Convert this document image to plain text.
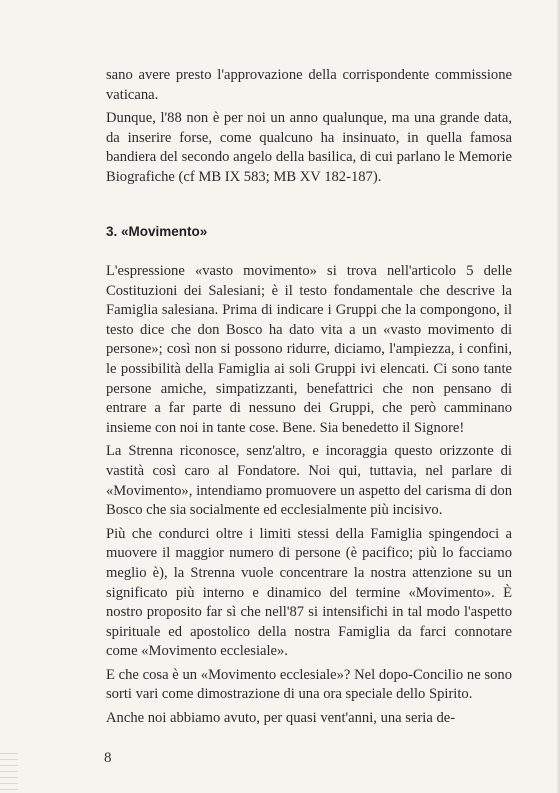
sano avere presto l'approvazione della corrispondente commissione vaticana.

Dunque, l'88 non è per noi un anno qualunque, ma una grande data, da inserire forse, come qualcuno ha insinuato, in quella famosa bandiera del secondo angelo della basilica, di cui parlano le Memorie Biografiche (cf MB IX 583; MB XV 182-187).

3. «Movimento»

L'espressione «vasto movimento» si trova nell'articolo 5 delle Costituzioni dei Salesiani; è il testo fondamentale che descrive la Famiglia salesiana. Prima di indicare i Gruppi che la compongono, il testo dice che don Bosco ha dato vita a un «vasto movimento di persone»; così non si possono ridurre, diciamo, l'ampiezza, i confini, le possibilità della Famiglia ai soli Gruppi ivi elencati. Ci sono tante persone amiche, simpatizzanti, benefattrici che non pensano di entrare a far parte di nessuno dei Gruppi, che però camminano insieme con noi in tante cose. Bene. Sia benedetto il Signore!

La Strenna riconosce, senz'altro, e incoraggia questo orizzonte di vastità così caro al Fondatore. Noi qui, tuttavia, nel parlare di «Movimento», intendiamo promuovere un aspetto del carisma di don Bosco che sia socialmente ed ecclesialmente più incisivo.

Più che condurci oltre i limiti stessi della Famiglia spingendoci a muovere il maggior numero di persone (è pacifico; più lo facciamo meglio è), la Strenna vuole concentrare la nostra attenzione su un significato più interno e dinamico del termine «Movimento». È nostro proposito far sì che nell'87 si intensifichi in tal modo l'aspetto spirituale ed apostolico della nostra Famiglia da farci connotare come «Movimento ecclesiale».

E che cosa è un «Movimento ecclesiale»? Nel dopo-Concilio ne sono sorti vari come dimostrazione di una ora speciale dello Spirito.

Anche noi abbiamo avuto, per quasi vent'anni, una seria de-

8
